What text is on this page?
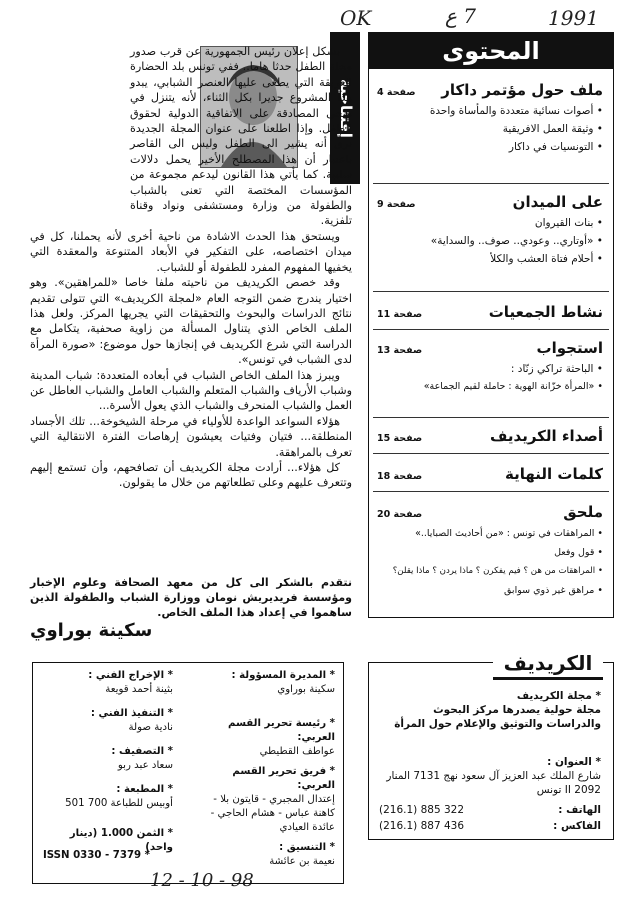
OK	7 ع	1991
12 - 10 - 98
المحتوى
ملف حول مؤتمر داكار
صفحة 4
• أصوات نسائية متعددة والمأساة واحدة
• وثيقة العمل الافريقية
• التونسيات في داكار
على الميدان
صفحة 9
• بنات القيروان
• «أوتاري.. وعودي.. صوف.. والسداية»
• أحلام فتاة العشب والكلأ
نشاط الجمعيات
صفحة 11
استجواب
صفحة 13
• الباحثة تراكي زنّاد :
• «المرأة خزّانة الهوية : حاملة لقيم الجماعة»
أصداء الكريديف
صفحة 15
كلمات النهاية
صفحة 18
ملحق
صفحة 20
• المراهقات في تونس : «من أحاديث الصبايا..»
• قول وفعل
• المراهقات من هن ؟ فيم يفكرن ؟ ماذا يردن ؟ ماذا يقلن؟
• مراهق غير ذوي سوابق
إفتتاحية

بشكل إعلان رئيس الجمهورية عن قرب صدور مجلة الطفل حدثا هاما.. ففي تونس بلد الحضارة العريقة التي يطغى عليها العنصر الشبابي، يبدو هذا المشروع جديرا بكل الثناء، لأنه يتنزل في منحى المصادقة على الاتفاقية الدولية لحقوق الطفل. وإذا اطلعنا على عنوان المجلة الجديدة نرى أنه يشير الى الطفل وليس الى القاصر باعتبار أن هذا المصطلح الأخير يحمل دلالات سلبية. كما يأتي هذا القانون ليدعم مجموعة من المؤسسات المختصة التي تعنى بالشباب والطفولة من وزارة ومستشفى ونواد وقناة تلفزية.

ويستحق هذا الحدث الاشادة من ناحية أخرى لأنه يحملنا، كل في ميدان اختصاصه، على التفكير في الأبعاد المتنوعة والمعقدة التي يخفيها المفهوم المفرد للطفولة أو للشباب.

وقد خصص الكريديف من ناحيته ملفا خاصا «للمراهقين». وهو اختيار يندرج ضمن التوجه العام «لمجلة الكريديف» التي تتولى تقديم نتائج الدراسات والبحوث والتحقيقات التي يجريها المركز. ولعل هذا الملف الخاص الذي يتناول المسألة من زاوية صحفية، يتكامل مع الدراسة التي شرع الكريديف في إنجازها حول موضوع: «صورة المرأة لدى الشباب في تونس».

ويبرز هذا الملف الخاص الشباب في أبعاده المتعددة: شباب المدينة وشباب الأرياف والشباب المتعلم والشباب العامل والشباب العاطل عن العمل والشباب المنحرف والشباب الذي يعول الأسرة...

هؤلاء السواعد الواعدة للأولياء في مرحلة الشيخوخة... تلك الأجساد المنطلقة... فتيان وفتيات يعيشون إرهاصات الفترة الانتقالية التي تعرف بالمراهقة.

كل هؤلاء... أرادت مجلة الكريديف أن تصافحهم، وأن تستمع إليهم وتتعرف عليهم وعلى تطلعاتهم من خلال ما يقولون.

نتقدم بالشكر الى كل من معهد الصحافة وعلوم الإخبار ومؤسسة فريديريش نومان ووزارة الشباب والطفولة الذين ساهموا في إعداد هذا الملف الخاص.
سكينة بوراوي
* المديرة المسؤولة :
سكينة بوراوي
* رئيسة تحرير القسم العربي:
عواطف القطيطي
* فريق تحرير القسم العربي:
إعتدال المجبري - قايتون بلا - كاهنة عباس - هشام الحاجي - عائدة العيادي
* التنسيق :
نعيمة بن عائشة
* الإخراج الفني :
بثينة أحمد قويعة
* التنفيذ الفني :
نادية صولة
* التصفيف :
سعاد عبد ربو
* المطبعة :
أوبيس للطباعة 700 501
* الثمن 1.000 (دينار واحد)
ISSN 0330 - 7379 *
الكريديف
* مجلة الكريديف
مجلة حولية يصدرها مركز البحوث والدراسات والتوثيق والإعلام حول المرأة
* العنوان :
شارع الملك عبد العزيز آل سعود نهج 7131 المنار II 2092 تونس
الهاتف :
(216.1) 885 322
الفاكس :
(216.1) 887 436
